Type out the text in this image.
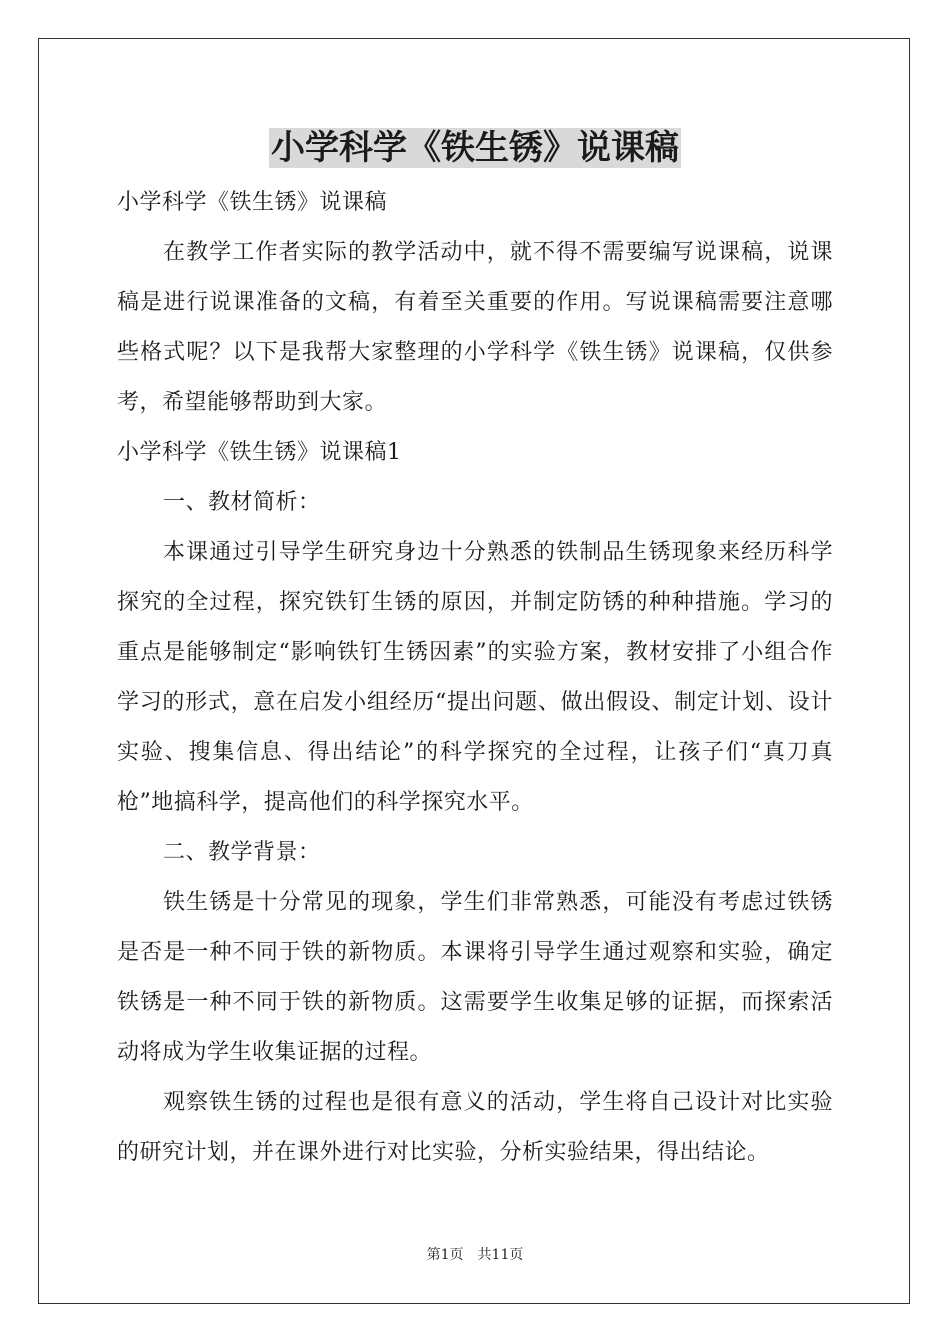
小学科学《铁生锈》说课稿

小学科学《铁生锈》说课稿

在教学工作者实际的教学活动中，就不得不需要编写说课稿，说课稿是进行说课准备的文稿，有着至关重要的作用。写说课稿需要注意哪些格式呢？以下是我帮大家整理的小学科学《铁生锈》说课稿，仅供参考，希望能够帮助到大家。

小学科学《铁生锈》说课稿1

一、教材简析：

本课通过引导学生研究身边十分熟悉的铁制品生锈现象来经历科学探究的全过程，探究铁钉生锈的原因，并制定防锈的种种措施。学习的重点是能够制定“影响铁钉生锈因素”的实验方案，教材安排了小组合作学习的形式，意在启发小组经历“提出问题、做出假设、制定计划、设计实验、搜集信息、得出结论”的科学探究的全过程，让孩子们“真刀真枪”地搞科学，提高他们的科学探究水平。

二、教学背景：

铁生锈是十分常见的现象，学生们非常熟悉，可能没有考虑过铁锈是否是一种不同于铁的新物质。本课将引导学生通过观察和实验，确定铁锈是一种不同于铁的新物质。这需要学生收集足够的证据，而探索活动将成为学生收集证据的过程。

观察铁生锈的过程也是很有意义的活动，学生将自己设计对比实验的研究计划，并在课外进行对比实验，分析实验结果，得出结论。

第1页 共11页
